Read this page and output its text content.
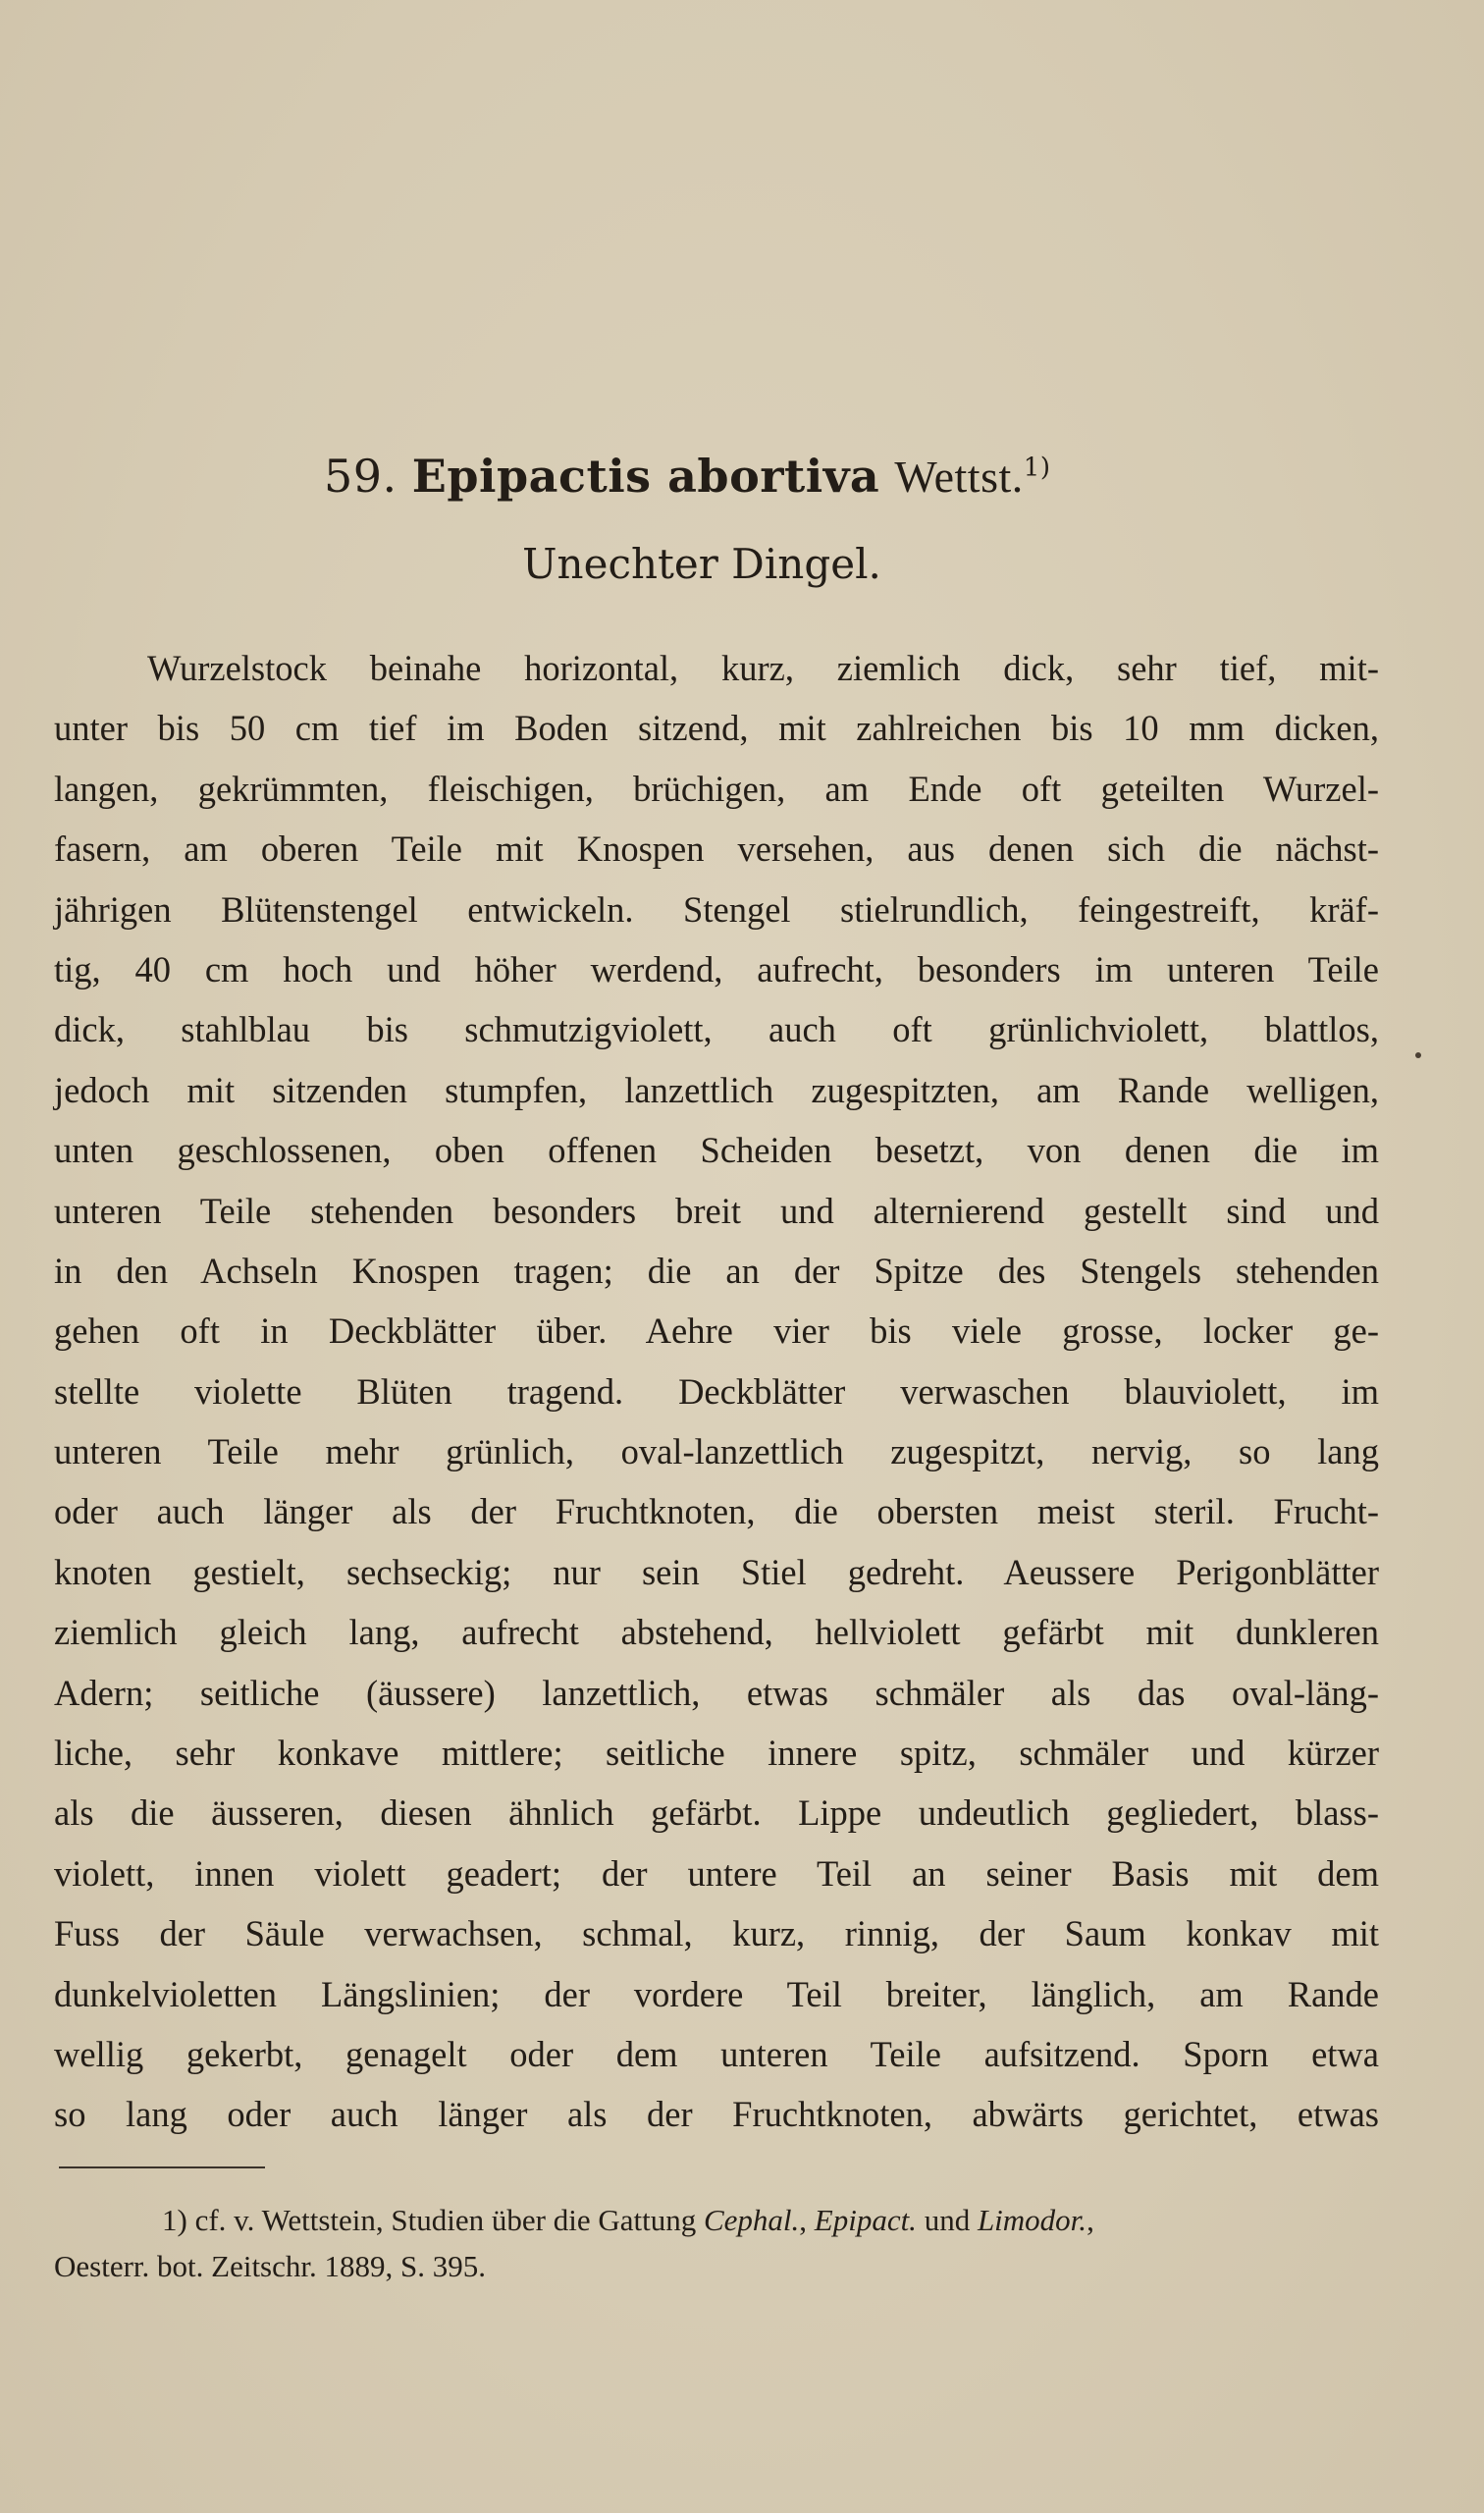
59. Epipactis abortiva Wettst.$^{1)}$
Unechter Dingel.
Wurzelstock beinahe horizontal, kurz, ziemlich dick, sehr tief, mit-
unter bis 50 cm tief im Boden sitzend, mit zahlreichen bis 10 mm dicken,
langen, gekrümmten, fleischigen, brüchigen, am Ende oft geteilten Wurzel-
fasern, am oberen Teile mit Knospen versehen, aus denen sich die nächst-
jährigen Blütenstengel entwickeln. Stengel stielrundlich, feingestreift, kräf-
tig, 40 cm hoch und höher werdend, aufrecht, besonders im unteren Teile
dick, stahlblau bis schmutzigviolett, auch oft grünlichviolett, blattlos,
jedoch mit sitzenden stumpfen, lanzettlich zugespitzten, am Rande welligen,
unten geschlossenen, oben offenen Scheiden besetzt, von denen die im
unteren Teile stehenden besonders breit und alternierend gestellt sind und
in den Achseln Knospen tragen; die an der Spitze des Stengels stehenden
gehen oft in Deckblätter über. Aehre vier bis viele grosse, locker ge-
stellte violette Blüten tragend. Deckblätter verwaschen blauviolett, im
unteren Teile mehr grünlich, oval-lanzettlich zugespitzt, nervig, so lang
oder auch länger als der Fruchtknoten, die obersten meist steril. Frucht-
knoten gestielt, sechseckig; nur sein Stiel gedreht. Aeussere Perigonblätter
ziemlich gleich lang, aufrecht abstehend, hellviolett gefärbt mit dunkleren
Adern; seitliche (äussere) lanzettlich, etwas schmäler als das oval-läng-
liche, sehr konkave mittlere; seitliche innere spitz, schmäler und kürzer
als die äusseren, diesen ähnlich gefärbt. Lippe undeutlich gegliedert, blass-
violett, innen violett geadert; der untere Teil an seiner Basis mit dem
Fuss der Säule verwachsen, schmal, kurz, rinnig, der Saum konkav mit
dunkelvioletten Längslinien; der vordere Teil breiter, länglich, am Rande
wellig gekerbt, genagelt oder dem unteren Teile aufsitzend. Sporn etwa
so lang oder auch länger als der Fruchtknoten, abwärts gerichtet, etwas
1) cf. v. Wettstein, Studien über die Gattung Cephal., Epipact. und Limodor.,
Oesterr. bot. Zeitschr. 1889, S. 395.
